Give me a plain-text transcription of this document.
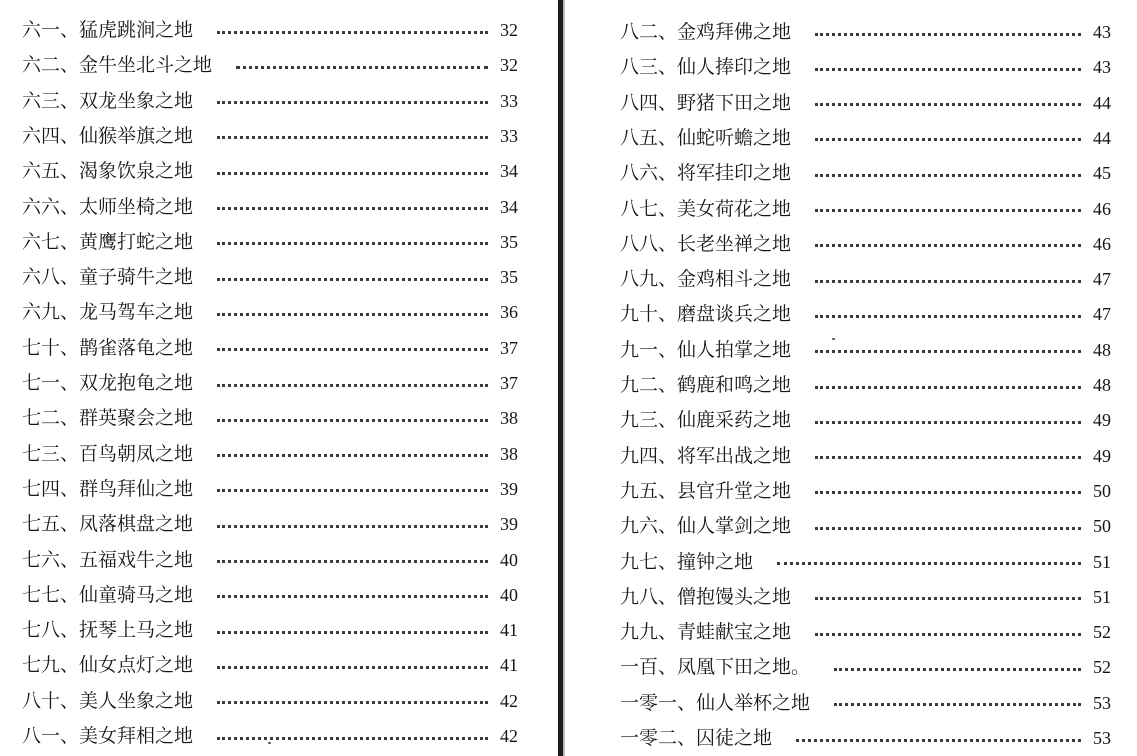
六一、猛虎跳涧之地	32
六二、金牛坐北斗之地	32
六三、双龙坐象之地	33
六四、仙猴举旗之地	33
六五、渴象饮泉之地	34
六六、太师坐椅之地	34
六七、黄鹰打蛇之地	35
六八、童子骑牛之地	35
六九、龙马驾车之地	36
七十、鹊雀落龟之地	37
七一、双龙抱龟之地	37
七二、群英聚会之地	38
七三、百鸟朝凤之地	38
七四、群鸟拜仙之地	39
七五、凤落棋盘之地	39
七六、五福戏牛之地	40
七七、仙童骑马之地	40
七八、抚琴上马之地	41
七九、仙女点灯之地	41
八十、美人坐象之地	42
八一、美女拜相之地	42
八二、金鸡拜佛之地	43
八三、仙人捧印之地	43
八四、野猪下田之地	44
八五、仙蛇听蟾之地	44
八六、将军挂印之地	45
八七、美女荷花之地	46
八八、长老坐禅之地	46
八九、金鸡相斗之地	47
九十、磨盘谈兵之地	47
九一、仙人拍掌之地	48
九二、鹤鹿和鸣之地	48
九三、仙鹿采药之地	49
九四、将军出战之地	49
九五、县官升堂之地	50
九六、仙人掌剑之地	50
九七、撞钟之地	51
九八、僧抱馒头之地	51
九九、青蛙献宝之地	52
一百、凤凰下田之地。	52
一零一、仙人举杯之地	53
一零二、囚徒之地	53
